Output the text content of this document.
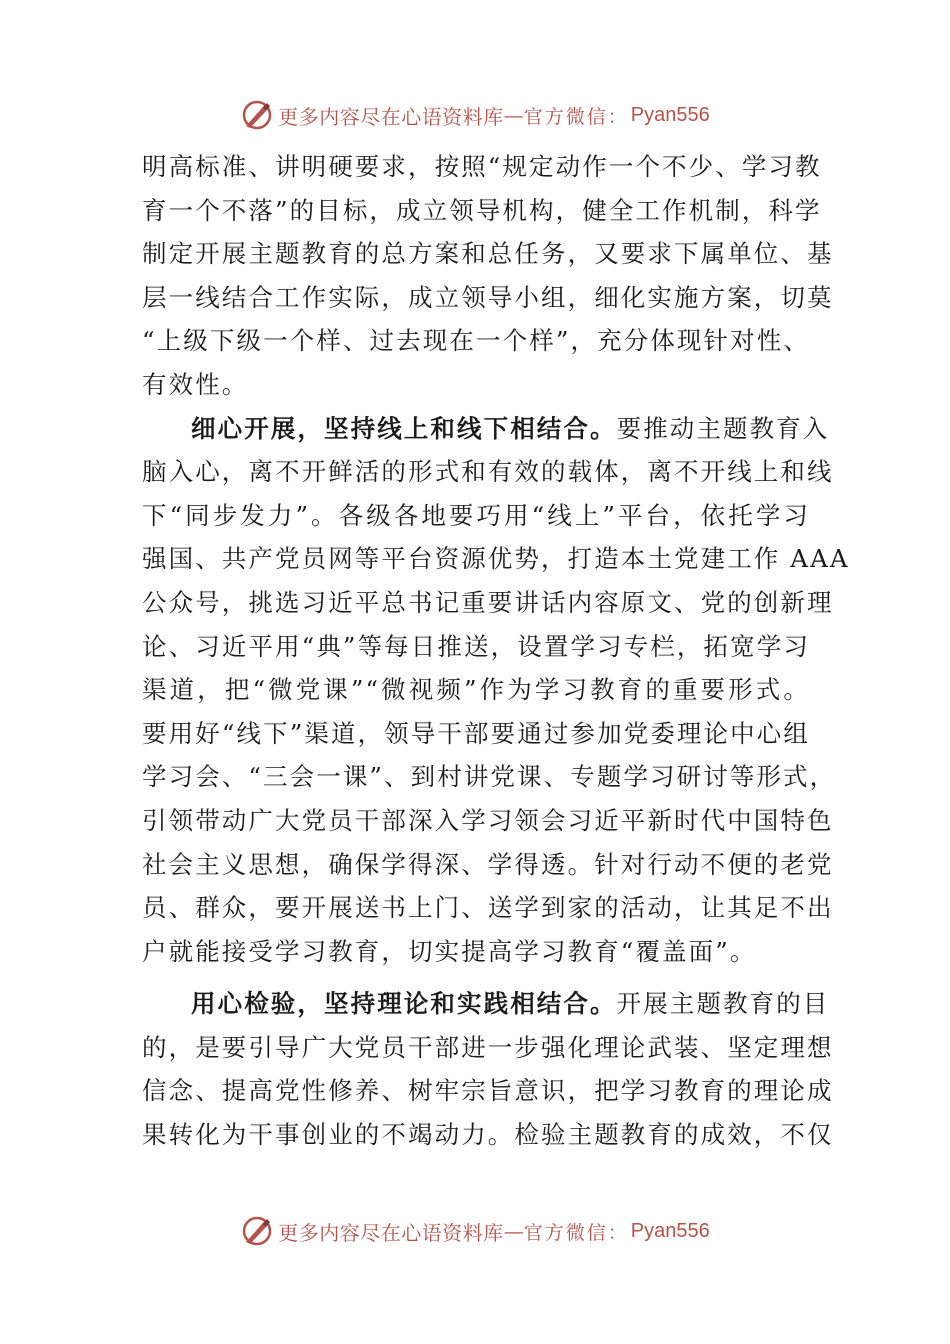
更多内容尽在心语资料库 — 官方微信： Pyan556
明高标准、讲明硬要求，按照“规定动作一个不少、学习教
育一个不落”的目标，成立领导机构，健全工作机制，科学
制定开展主题教育的总方案和总任务，又要求下属单位、基
层一线结合工作实际，成立领导小组，细化实施方案，切莫
“上级下级一个样、过去现在一个样”，充分体现针对性、
有效性。
细心开展，坚持线上和线下相结合。要推动主题教育入
脑入心，离不开鲜活的形式和有效的载体，离不开线上和线
下“同步发力”。各级各地要巧用“线上”平台，依托学习
强国、共产党员网等平台资源优势，打造本土党建工作 AAA
公众号，挑选习近平总书记重要讲话内容原文、党的创新理
论、习近平用“典”等每日推送，设置学习专栏，拓宽学习
渠道，把“微党课”“微视频”作为学习教育的重要形式。
要用好“线下”渠道，领导干部要通过参加党委理论中心组
学习会、“三会一课”、到村讲党课、专题学习研讨等形式，
引领带动广大党员干部深入学习领会习近平新时代中国特色
社会主义思想，确保学得深、学得透。针对行动不便的老党
员、群众，要开展送书上门、送学到家的活动，让其足不出
户就能接受学习教育，切实提高学习教育“覆盖面”。
用心检验，坚持理论和实践相结合。开展主题教育的目
的，是要引导广大党员干部进一步强化理论武装、坚定理想
信念、提高党性修养、树牢宗旨意识，把学习教育的理论成
果转化为干事创业的不竭动力。检验主题教育的成效，不仅
更多内容尽在心语资料库 — 官方微信： Pyan556
